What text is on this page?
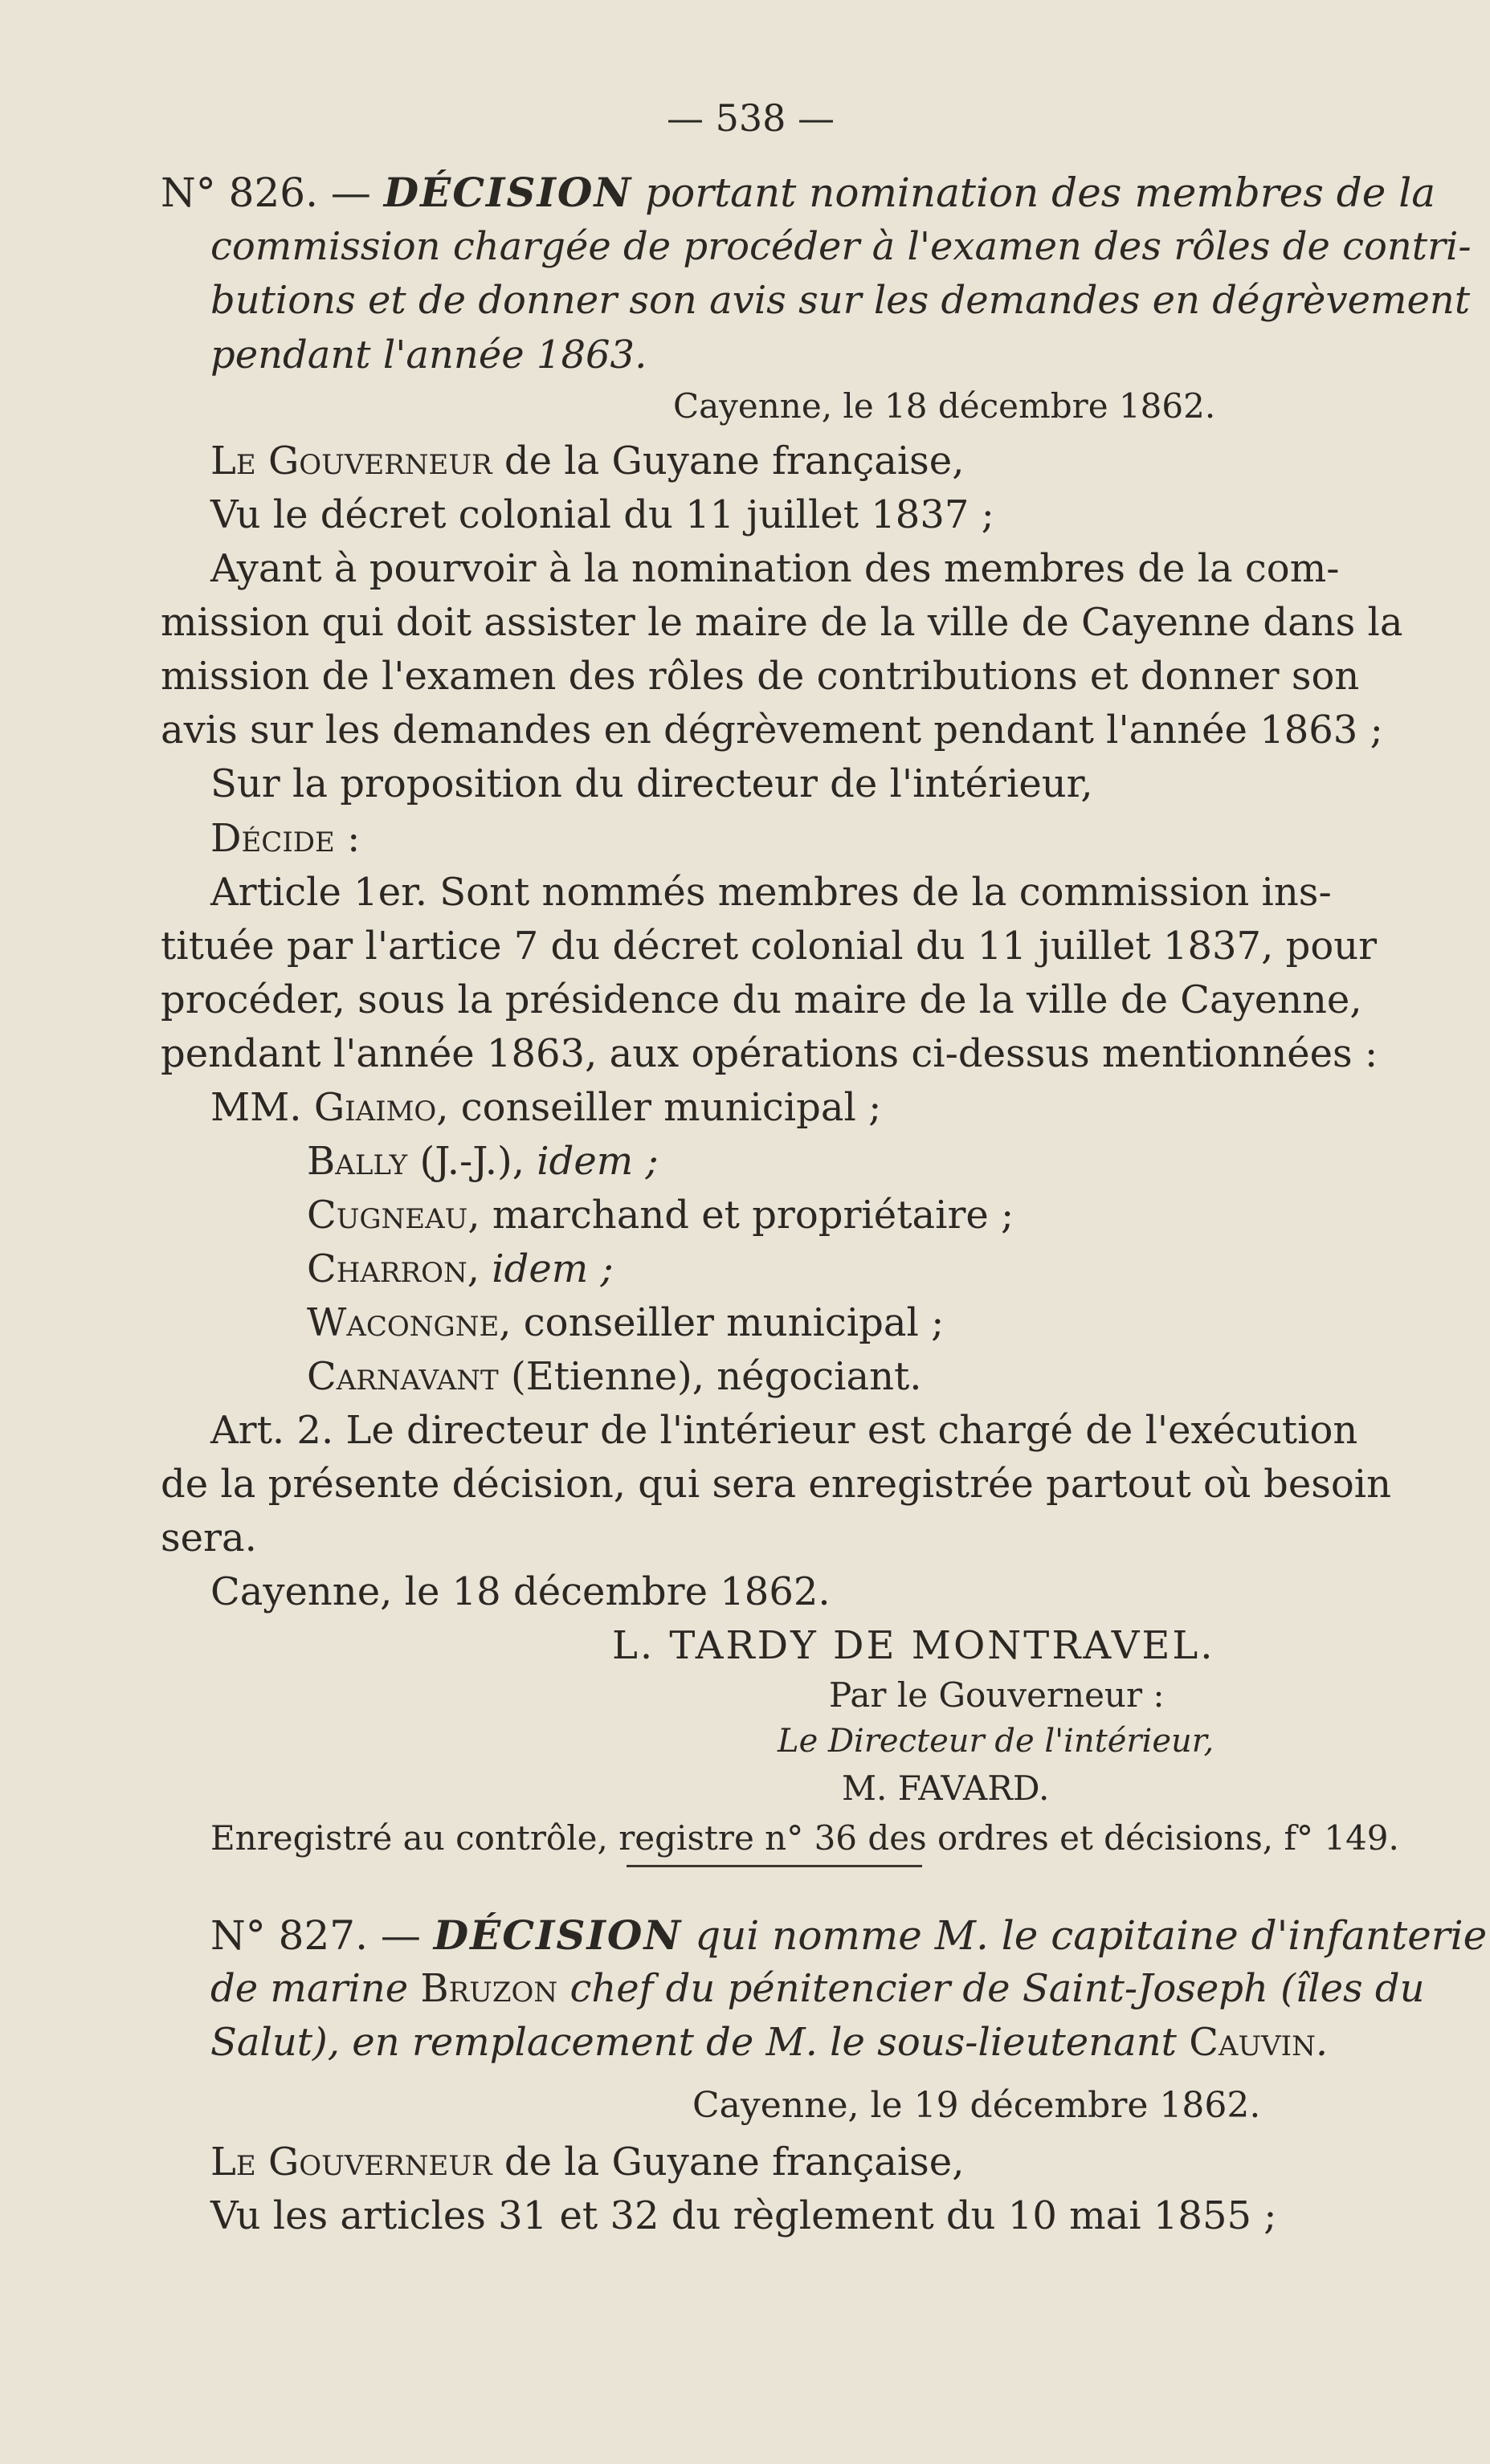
— 538 —
N° 826. — DÉCISION portant nomination des membres de la
commission chargée de procéder à l'examen des rôles de contri-
butions et de donner son avis sur les demandes en dégrèvement
pendant l'année 1863.
Cayenne, le 18 décembre 1862.
Le Gouverneur de la Guyane française,
Vu le décret colonial du 11 juillet 1837 ;
Ayant à pourvoir à la nomination des membres de la com-
mission qui doit assister le maire de la ville de Cayenne dans la
mission de l'examen des rôles de contributions et donner son
avis sur les demandes en dégrèvement pendant l'année 1863 ;
Sur la proposition du directeur de l'intérieur,
Décide :
Article 1er. Sont nommés membres de la commission ins-
tituée par l'artice 7 du décret colonial du 11 juillet 1837, pour
procéder, sous la présidence du maire de la ville de Cayenne,
pendant l'année 1863, aux opérations ci-dessus mentionnées :
MM. Giaimo, conseiller municipal ;
Bally (J.-J.), idem ;
Cugneau, marchand et propriétaire ;
Charron, idem ;
Wacongne, conseiller municipal ;
Carnavant (Etienne), négociant.
Art. 2. Le directeur de l'intérieur est chargé de l'exécution
de la présente décision, qui sera enregistrée partout où besoin
sera.
Cayenne, le 18 décembre 1862.
L. TARDY DE MONTRAVEL.
Par le Gouverneur :
Le Directeur de l'intérieur,
M. FAVARD.
Enregistré au contrôle, registre n° 36 des ordres et décisions, f° 149.
N° 827. — DÉCISION qui nomme M. le capitaine d'infanterie
de marine Bruzon chef du pénitencier de Saint-Joseph (îles du
Salut), en remplacement de M. le sous-lieutenant Cauvin.
Cayenne, le 19 décembre 1862.
Le Gouverneur de la Guyane française,
Vu les articles 31 et 32 du règlement du 10 mai 1855 ;
